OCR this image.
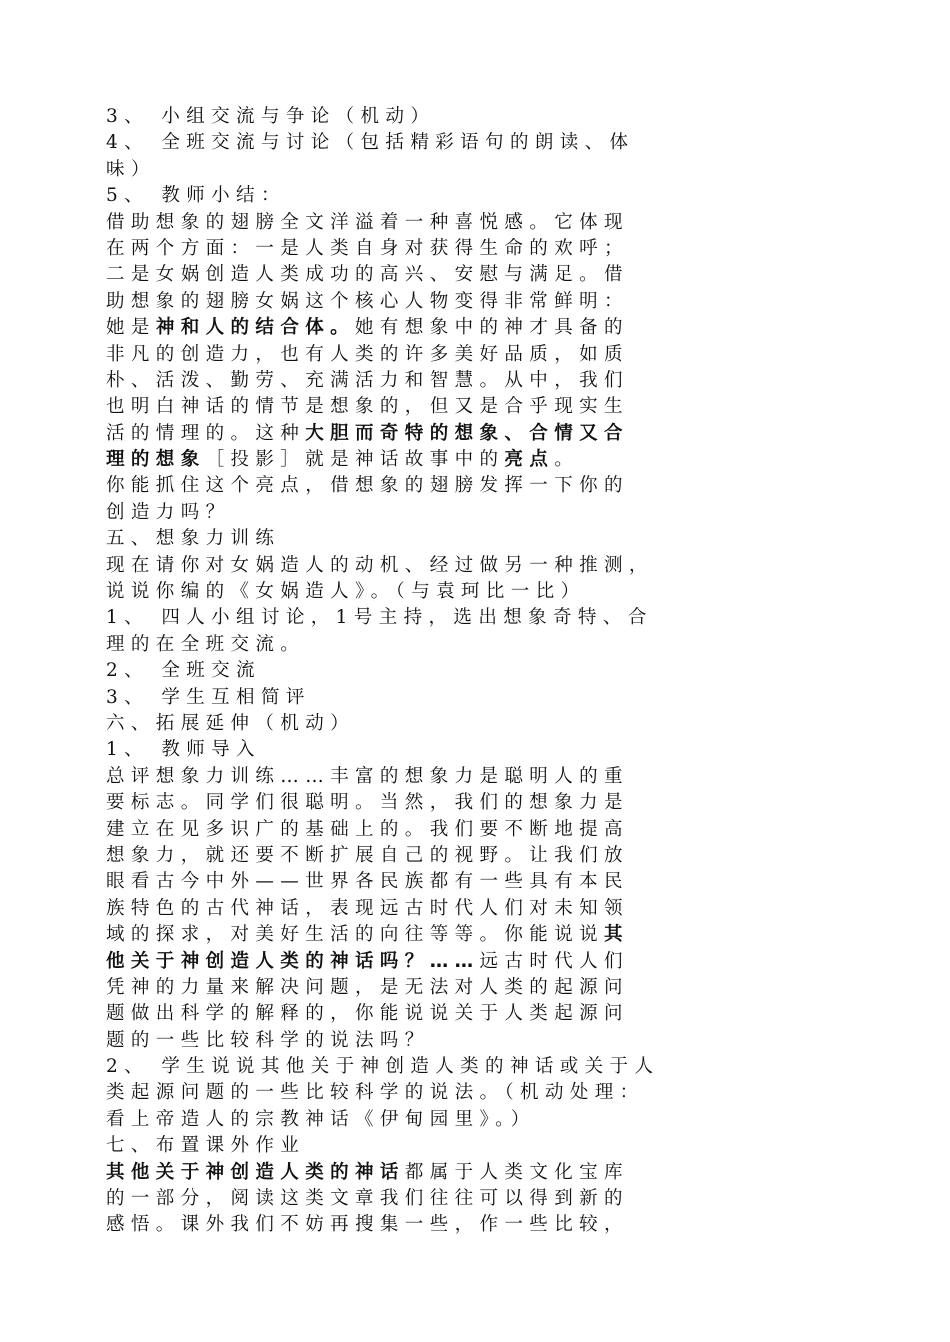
3、 小组交流与争论（机动）
4、 全班交流与讨论（包括精彩语句的朗读、体
味）
5、 教师小结：
借助想象的翅膀全文洋溢着一种喜悦感。它体现
在两个方面：一是人类自身对获得生命的欢呼；
二是女娲创造人类成功的高兴、安慰与满足。借
助想象的翅膀女娲这个核心人物变得非常鲜明：
她是神和人的结合体。她有想象中的神才具备的
非凡的创造力，也有人类的许多美好品质，如质
朴、活泼、勤劳、充满活力和智慧。从中，我们
也明白神话的情节是想象的，但又是合乎现实生
活的情理的。这种大胆而奇特的想象、合情又合
理的想象［投影］就是神话故事中的亮点。
你能抓住这个亮点，借想象的翅膀发挥一下你的
创造力吗？
五、想象力训练
现在请你对女娲造人的动机、经过做另一种推测，
说说你编的《女娲造人》。（与袁珂比一比）
1、 四人小组讨论，1号主持，选出想象奇特、合
理的在全班交流。
2、 全班交流
3、 学生互相简评
六、拓展延伸（机动）
1、 教师导入
总评想象力训练……丰富的想象力是聪明人的重
要标志。同学们很聪明。当然，我们的想象力是
建立在见多识广的基础上的。我们要不断地提高
想象力，就还要不断扩展自己的视野。让我们放
眼看古今中外——世界各民族都有一些具有本民
族特色的古代神话，表现远古时代人们对未知领
域的探求，对美好生活的向往等等。你能说说其
他关于神创造人类的神话吗？……远古时代人们
凭神的力量来解决问题，是无法对人类的起源问
题做出科学的解释的，你能说说关于人类起源问
题的一些比较科学的说法吗？
2、 学生说说其他关于神创造人类的神话或关于人
类起源问题的一些比较科学的说法。（机动处理：
看上帝造人的宗教神话《伊甸园里》。）
七、布置课外作业
其他关于神创造人类的神话都属于人类文化宝库
的一部分，阅读这类文章我们往往可以得到新的
感悟。课外我们不妨再搜集一些，作一些比较，
